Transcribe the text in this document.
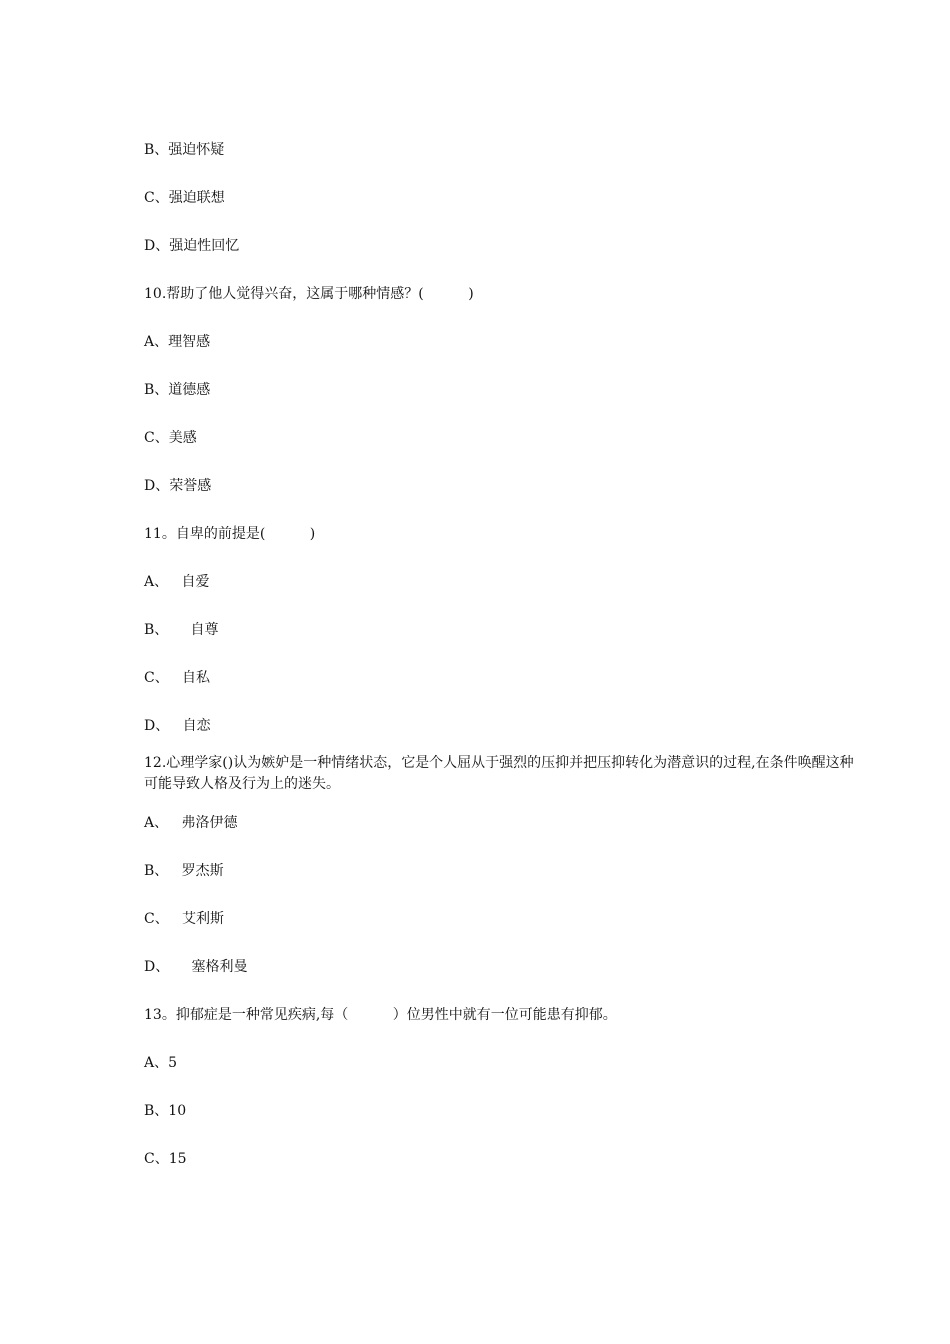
B、强迫怀疑
C、强迫联想
D、强迫性回忆
10.帮助了他人觉得兴奋，这属于哪种情感？(          )
A、理智感
B、道德感
C、美感
D、荣誉感
11。自卑的前提是(          )
A、   自爱
B、     自尊
C、   自私
D、   自恋
12.心理学家()认为嫉妒是一种情绪状态，它是个人屈从于强烈的压抑并把压抑转化为潜意识的过程,在条件唤醒这种
可能导致人格及行为上的迷失。
A、   弗洛伊德
B、   罗杰斯
C、   艾利斯
D、     塞格利曼
13。抑郁症是一种常见疾病,每（          ）位男性中就有一位可能患有抑郁。
A、5
B、10
C、15
